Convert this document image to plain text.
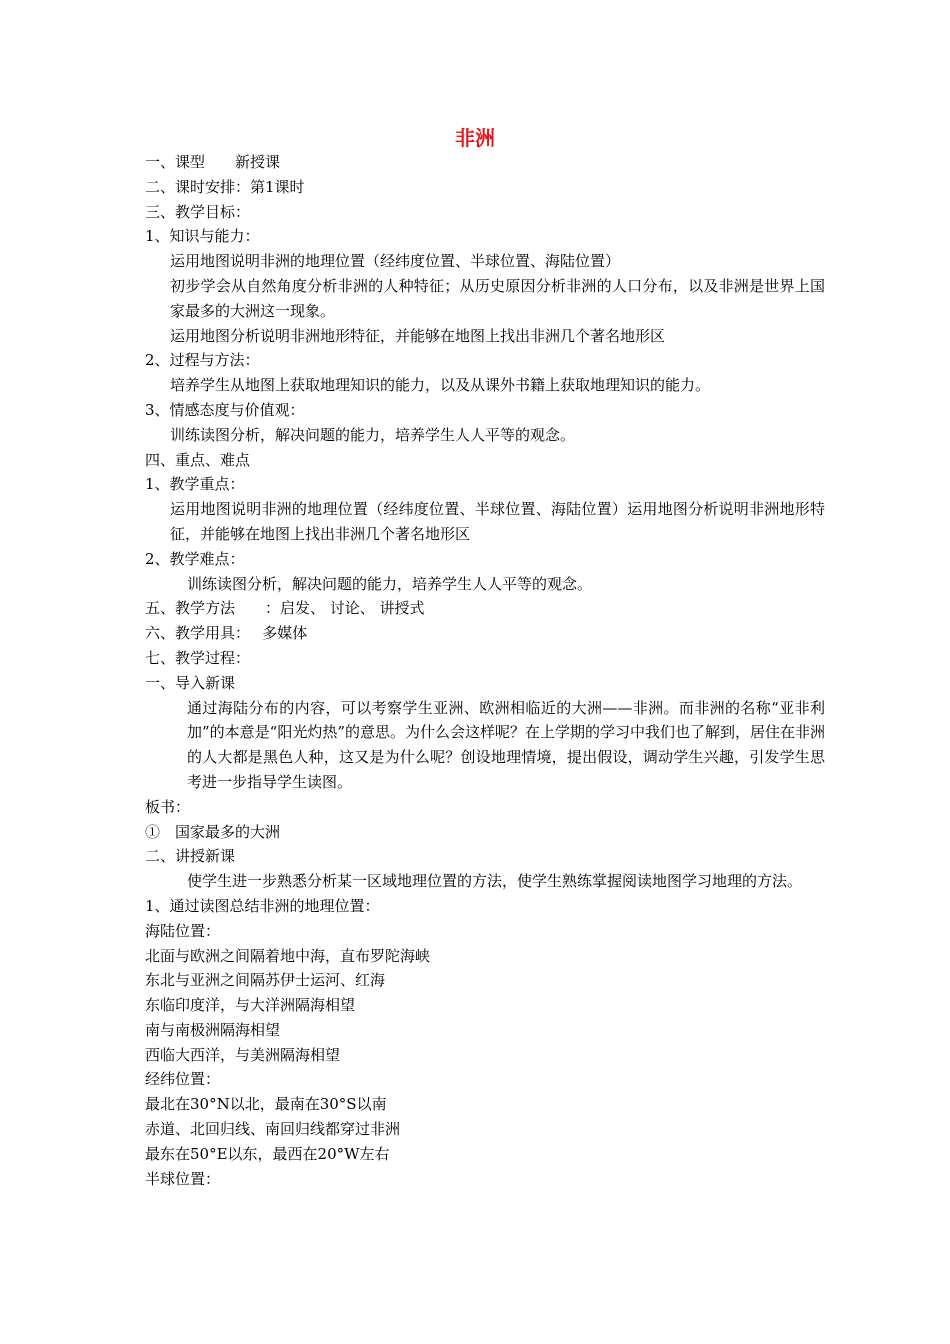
非洲
一、课型　　新授课
二、课时安排：第1课时
三、教学目标：
1、知识与能力：
运用地图说明非洲的地理位置（经纬度位置、半球位置、海陆位置）
初步学会从自然角度分析非洲的人种特征；从历史原因分析非洲的人口分布，以及非洲是世界上国家最多的大洲这一现象。
运用地图分析说明非洲地形特征，并能够在地图上找出非洲几个著名地形区
2、过程与方法：
培养学生从地图上获取地理知识的能力，以及从课外书籍上获取地理知识的能力。
3、情感态度与价值观：
训练读图分析，解决问题的能力，培养学生人人平等的观念。
四、重点、难点
1、教学重点：
运用地图说明非洲的地理位置（经纬度位置、半球位置、海陆位置）运用地图分析说明非洲地形特征，并能够在地图上找出非洲几个著名地形区
2、教学难点：
训练读图分析，解决问题的能力，培养学生人人平等的观念。
五、教学方法　　：启发、 讨论、 讲授式
六、教学用具：　 多媒体
七、教学过程：
一、导入新课
通过海陆分布的内容，可以考察学生亚洲、欧洲相临近的大洲——非洲。而非洲的名称“亚非利加”的本意是“阳光灼热”的意思。为什么会这样呢？在上学期的学习中我们也了解到，居住在非洲的人大都是黑色人种，这又是为什么呢？创设地理情境，提出假设，调动学生兴趣，引发学生思考进一步指导学生读图。
板书：
①　国家最多的大洲
二、讲授新课
使学生进一步熟悉分析某一区域地理位置的方法，使学生熟练掌握阅读地图学习地理的方法。
1、通过读图总结非洲的地理位置：
海陆位置：
北面与欧洲之间隔着地中海，直布罗陀海峡
东北与亚洲之间隔苏伊士运河、红海
东临印度洋，与大洋洲隔海相望
南与南极洲隔海相望
西临大西洋，与美洲隔海相望
经纬位置：
最北在30°N以北，最南在30°S以南
赤道、北回归线、南回归线都穿过非洲
最东在50°E以东，最西在20°W左右
半球位置：
